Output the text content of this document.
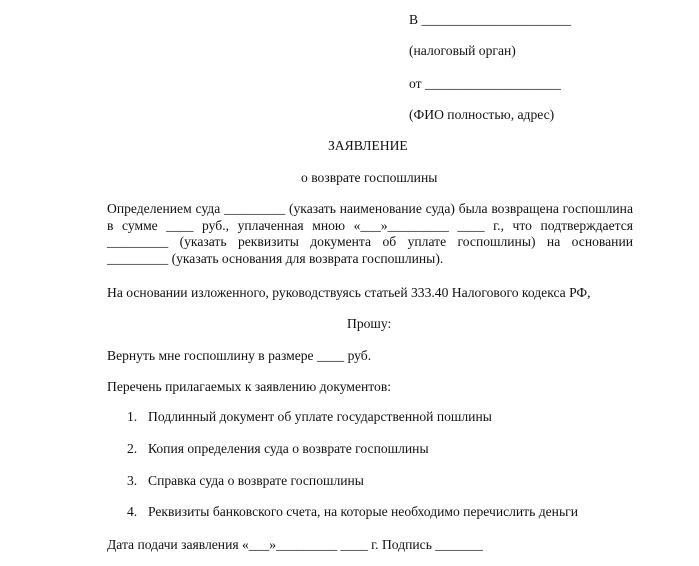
В ______________________
(налоговый орган)
от ____________________
(ФИО полностью, адрес)
ЗАЯВЛЕНИЕ
о возврате госпошлины
Определением суда _________ (указать наименование суда) была возвращена госпошлина в сумме ____ руб., уплаченная мною «___»_________ ____ г., что подтверждается _________ (указать реквизиты документа об уплате госпошлины) на основании _________ (указать основания для возврата госпошлины).
На основании изложенного, руководствуясь статьей 333.40 Налогового кодекса РФ,
Прошу:
Вернуть мне госпошлину в размере ____ руб.
Перечень прилагаемых к заявлению документов:
1. Подлинный документ об уплате государственной пошлины
2. Копия определения суда о возврате госпошлины
3. Справка суда о возврате госпошлины
4. Реквизиты банковского счета, на которые необходимо перечислить деньги
Дата подачи заявления «___»_________ ____ г. Подпись _______
